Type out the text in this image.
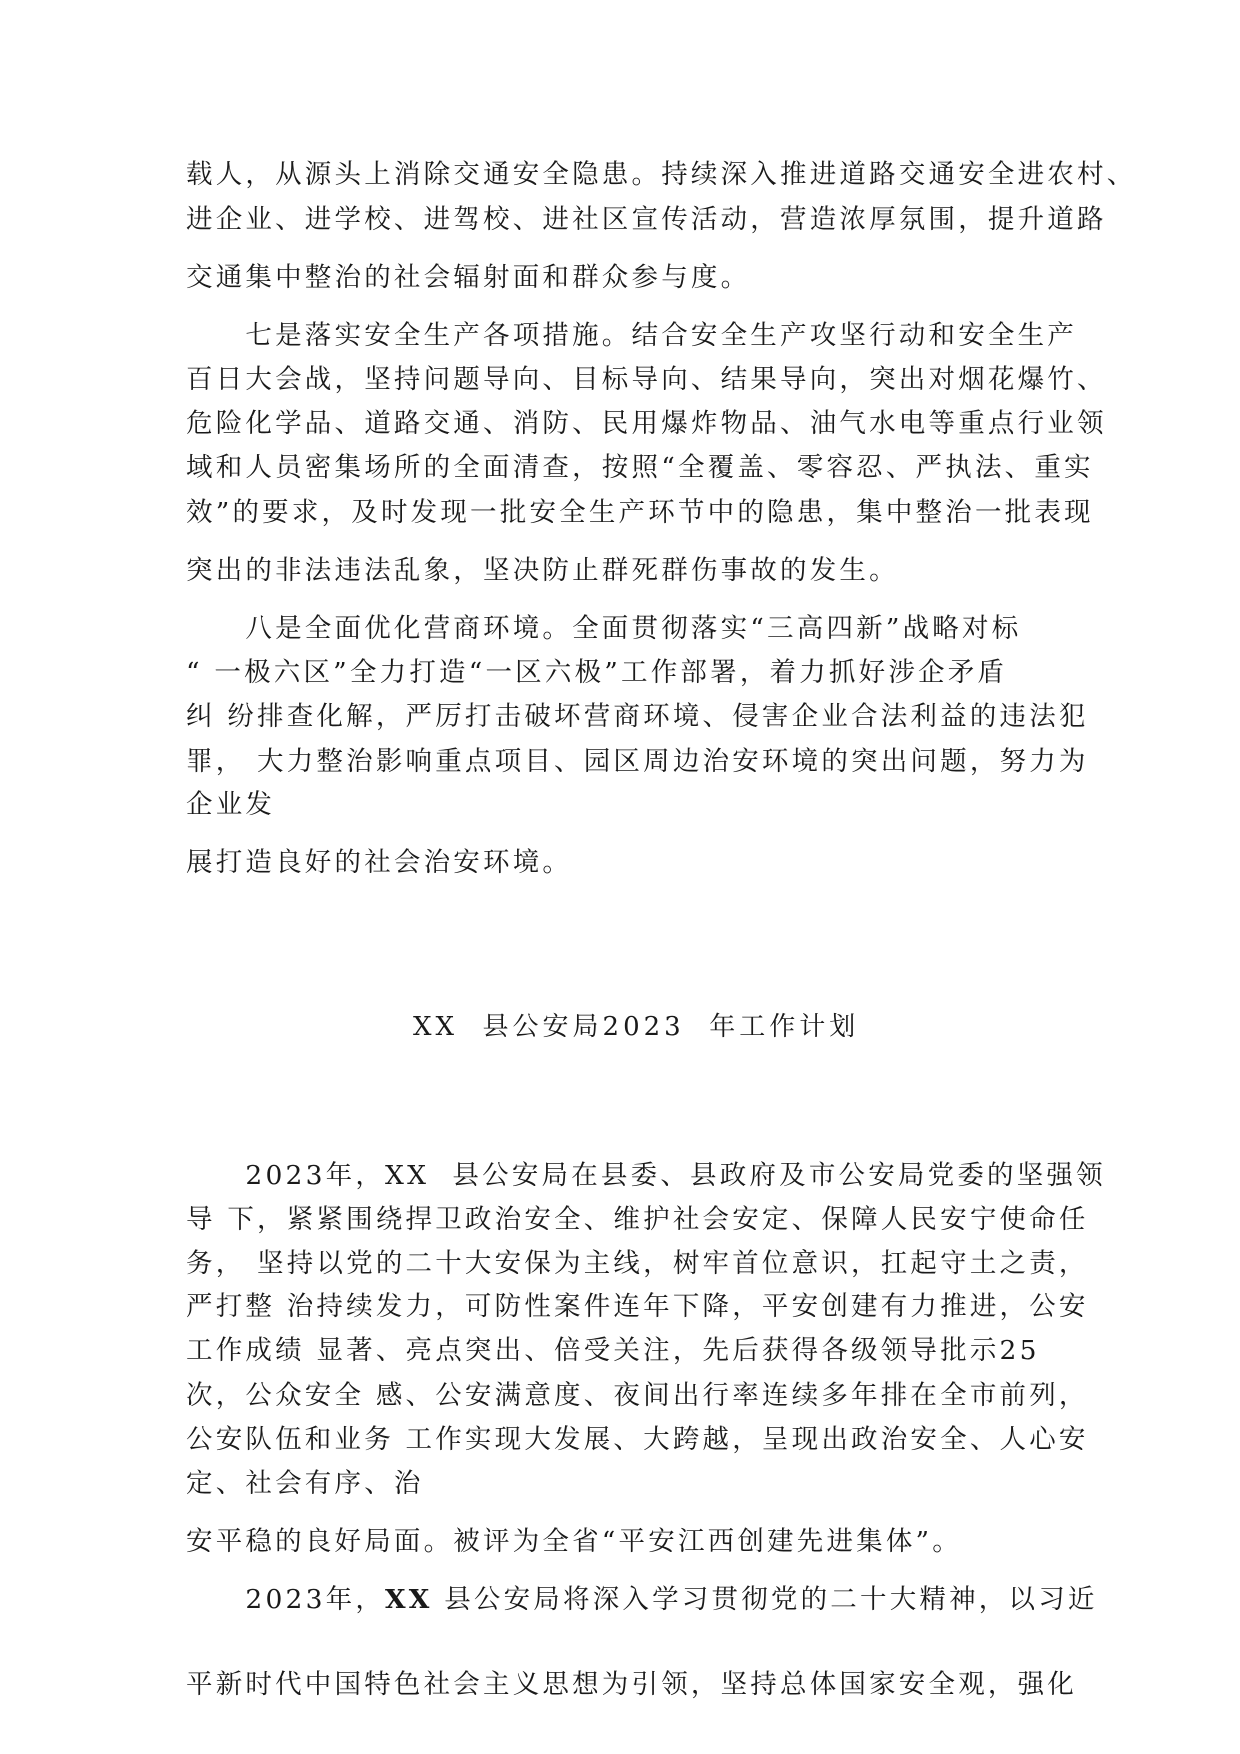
载人，从源头上消除交通安全隐患。持续深入推进道路交通安全进农村、
进企业、进学校、进驾校、进社区宣传活动，营造浓厚氛围，提升道路
交通集中整治的社会辐射面和群众参与度。
　　七是落实安全生产各项措施。结合安全生产攻坚行动和安全生产
百日大会战，坚持问题导向、目标导向、结果导向，突出对烟花爆竹、
危险化学品、道路交通、消防、民用爆炸物品、油气水电等重点行业领
域和人员密集场所的全面清查，按照“全覆盖、零容忍、严执法、重实
效”的要求，及时发现一批安全生产环节中的隐患，集中整治一批表现
突出的非法违法乱象，坚决防止群死群伤事故的发生。
　　八是全面优化营商环境。全面贯彻落实“三高四新”战略对标
“ 一极六区”全力打造“一区六极”工作部署，着力抓好涉企矛盾
纠 纷排查化解，严厉打击破坏营商环境、侵害企业合法利益的违法犯
罪， 大力整治影响重点项目、园区周边治安环境的突出问题，努力为
企业发
展打造良好的社会治安环境。
XX  县公安局2023  年工作计划
　　2023年，XX  县公安局在县委、县政府及市公安局党委的坚强领
导 下，紧紧围绕捍卫政治安全、维护社会安定、保障人民安宁使命任
务， 坚持以党的二十大安保为主线，树牢首位意识，扛起守土之责，
严打整 治持续发力，可防性案件连年下降，平安创建有力推进，公安
工作成绩 显著、亮点突出、倍受关注，先后获得各级领导批示25
次，公众安全 感、公安满意度、夜间出行率连续多年排在全市前列，
公安队伍和业务 工作实现大发展、大跨越，呈现出政治安全、人心安
定、社会有序、治
安平稳的良好局面。被评为全省“平安江西创建先进集体”。
　　2023年，XX 县公安局将深入学习贯彻党的二十大精神，以习近
平新时代中国特色社会主义思想为引领，坚持总体国家安全观，强化
